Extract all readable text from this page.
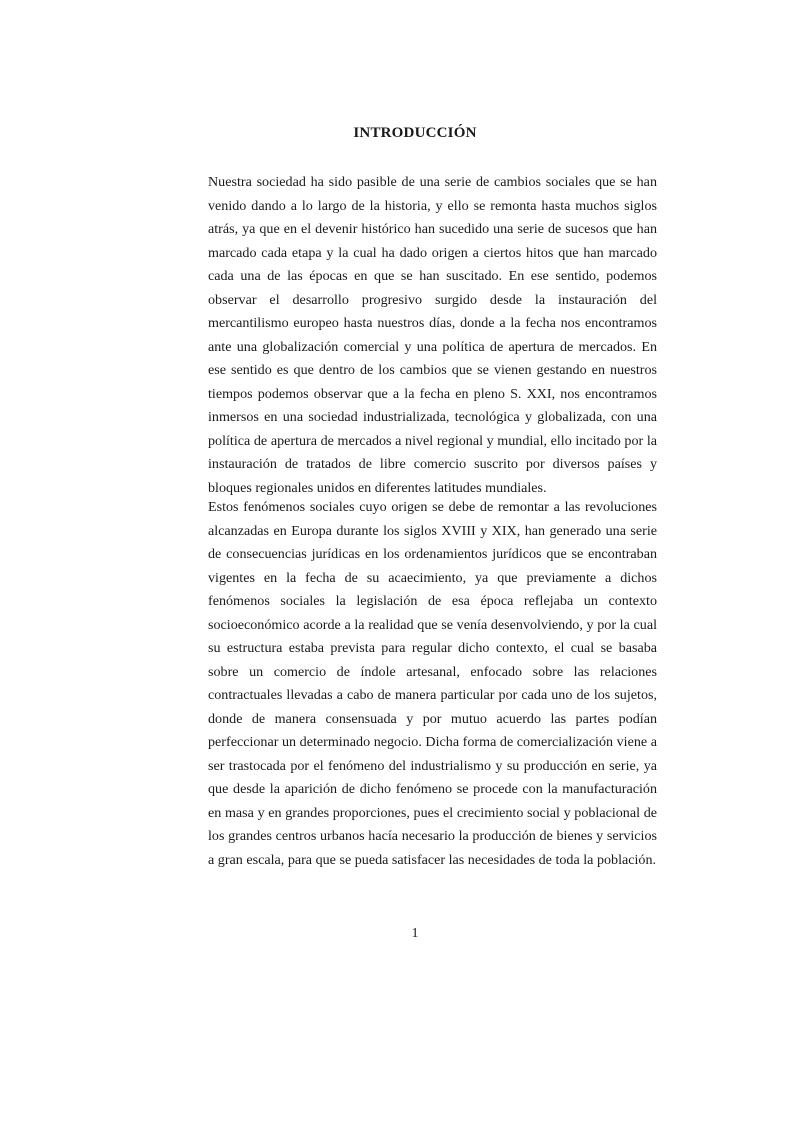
INTRODUCCIÓN

Nuestra sociedad ha sido pasible de una serie de cambios sociales que se han venido dando a lo largo de la historia, y ello se remonta hasta muchos siglos atrás, ya que en el devenir histórico han sucedido una serie de sucesos que han marcado cada etapa y la cual ha dado origen a ciertos hitos que han marcado cada una de las épocas en que se han suscitado. En ese sentido, podemos observar el desarrollo progresivo surgido desde la instauración del mercantilismo europeo hasta nuestros días, donde a la fecha nos encontramos ante una globalización comercial y una política de apertura de mercados. En ese sentido es que dentro de los cambios que se vienen gestando en nuestros tiempos podemos observar que a la fecha en pleno S. XXI, nos encontramos inmersos en una sociedad industrializada, tecnológica y globalizada, con una política de apertura de mercados a nivel regional y mundial, ello incitado por la instauración de tratados de libre comercio suscrito por diversos países y bloques regionales unidos en diferentes latitudes mundiales.

Estos fenómenos sociales cuyo origen se debe de remontar a las revoluciones alcanzadas en Europa durante los siglos XVIII y XIX, han generado una serie de consecuencias jurídicas en los ordenamientos jurídicos que se encontraban vigentes en la fecha de su acaecimiento, ya que previamente a dichos fenómenos sociales la legislación de esa época reflejaba un contexto socioeconómico acorde a la realidad que se venía desenvolviendo, y por la cual su estructura estaba prevista para regular dicho contexto, el cual se basaba sobre un comercio de índole artesanal, enfocado sobre las relaciones contractuales llevadas a cabo de manera particular por cada uno de los sujetos, donde de manera consensuada y por mutuo acuerdo las partes podían perfeccionar un determinado negocio. Dicha forma de comercialización viene a ser trastocada por el fenómeno del industrialismo y su producción en serie, ya que desde la aparición de dicho fenómeno se procede con la manufacturación en masa y en grandes proporciones, pues el crecimiento social y poblacional de los grandes centros urbanos hacía necesario la producción de bienes y servicios a gran escala, para que se pueda satisfacer las necesidades de toda la población.

1
